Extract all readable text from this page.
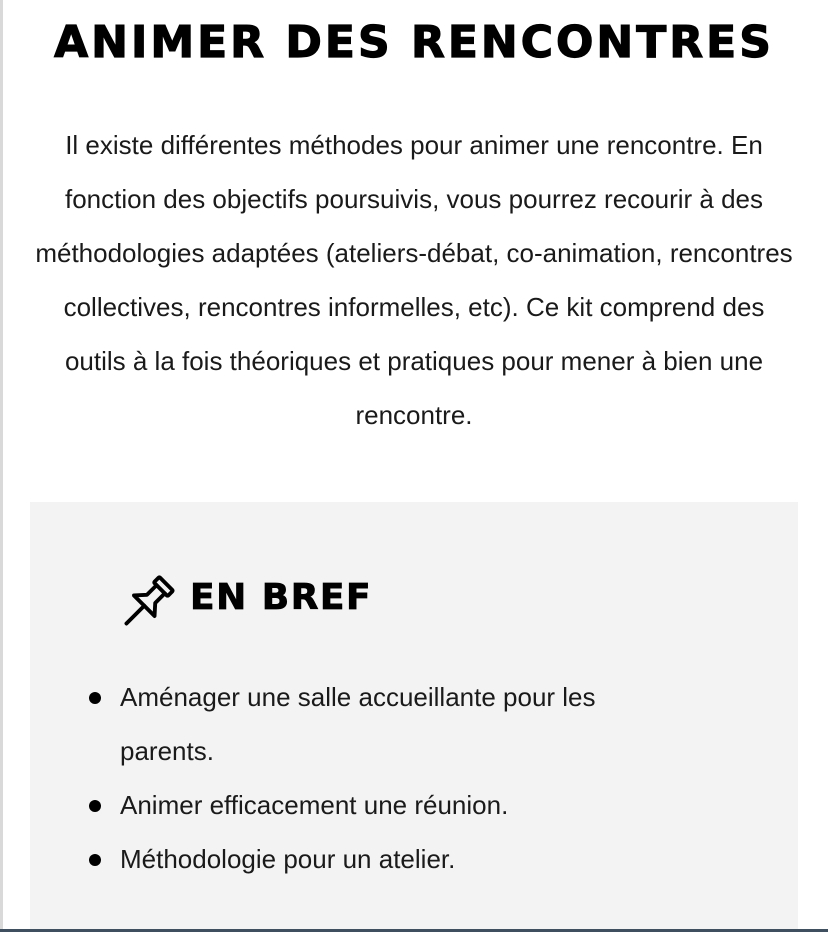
ANIMER DES RENCONTRES

Il existe différentes méthodes pour animer une rencontre. En fonction des objectifs poursuivis, vous pourrez recourir à des méthodologies adaptées (ateliers-débat, co-animation, rencontres collectives, rencontres informelles, etc). Ce kit comprend des outils à la fois théoriques et pratiques pour mener à bien une rencontre.

EN BREF
Aménager une salle accueillante pour les parents.
Animer efficacement une réunion.
Méthodologie pour un atelier.
